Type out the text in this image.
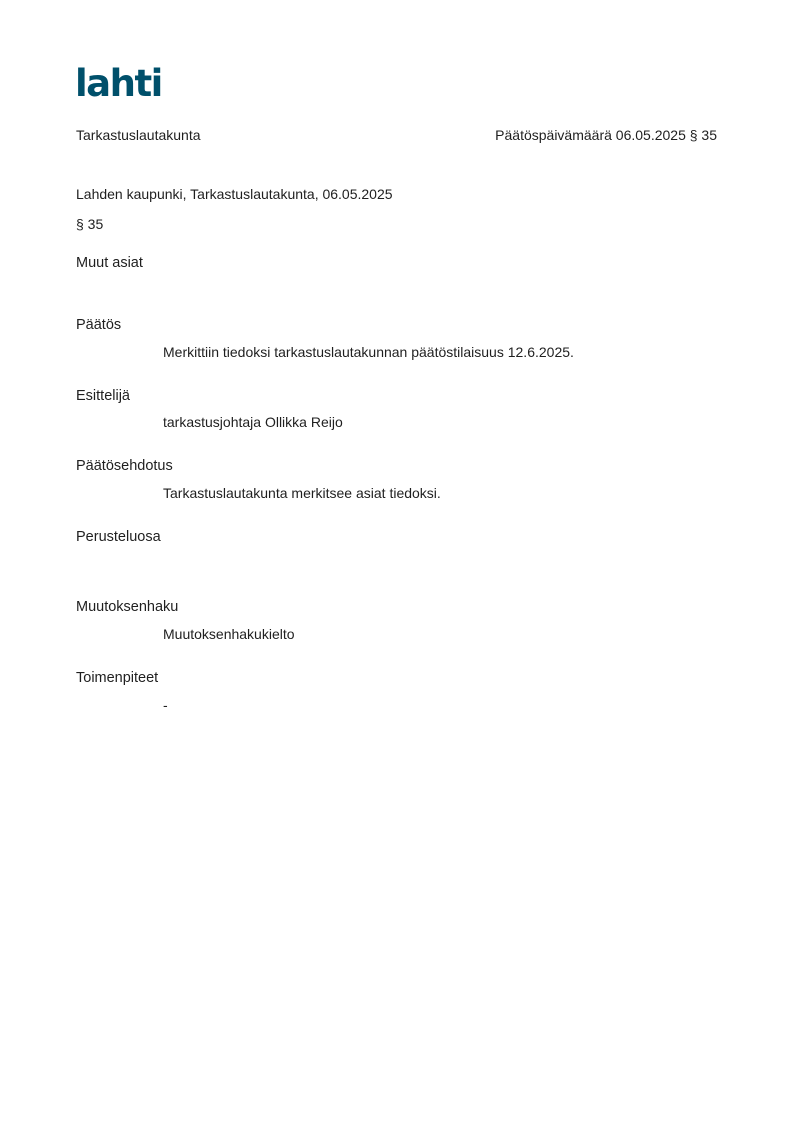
lahti
Tarkastuslautakunta	Päätöspäivämäärä 06.05.2025 § 35
Lahden kaupunki, Tarkastuslautakunta, 06.05.2025
§ 35
Muut asiat
Päätös
Merkittiin tiedoksi tarkastuslautakunnan päätöstilaisuus 12.6.2025.
Esittelijä
tarkastusjohtaja Ollikka Reijo
Päätösehdotus
Tarkastuslautakunta merkitsee asiat tiedoksi.
Perusteluosa
Muutoksenhaku
Muutoksenhakukielto
Toimenpiteet
-
